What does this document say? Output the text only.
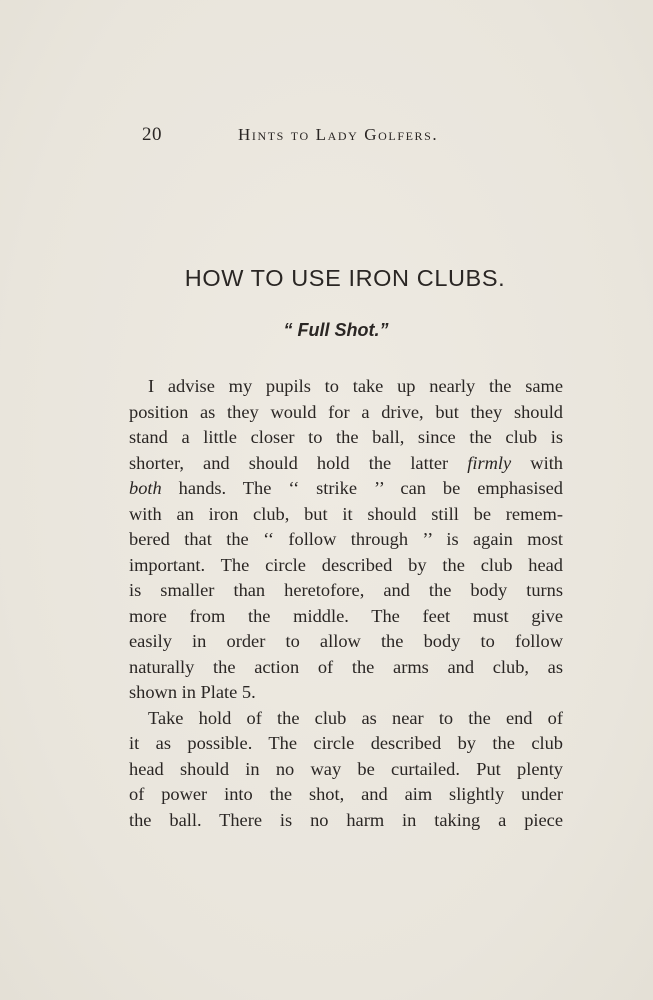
20	Hints to Lady Golfers.
HOW TO USE IRON CLUBS.
“ Full Shot.”
I advise my pupils to take up nearly the same
position as they would for a drive, but they should
stand a little closer to the ball, since the club is
shorter, and should hold the latter firmly with
both hands. The ‘‘ strike ’’ can be emphasised
with an iron club, but it should still be remem-
bered that the ‘‘ follow through ’’ is again most
important. The circle described by the club head
is smaller than heretofore, and the body turns
more from the middle. The feet must give
easily in order to allow the body to follow
naturally the action of the arms and club, as
shown in Plate 5.
Take hold of the club as near to the end of
it as possible. The circle described by the club
head should in no way be curtailed. Put plenty
of power into the shot, and aim slightly under
the ball. There is no harm in taking a piece
